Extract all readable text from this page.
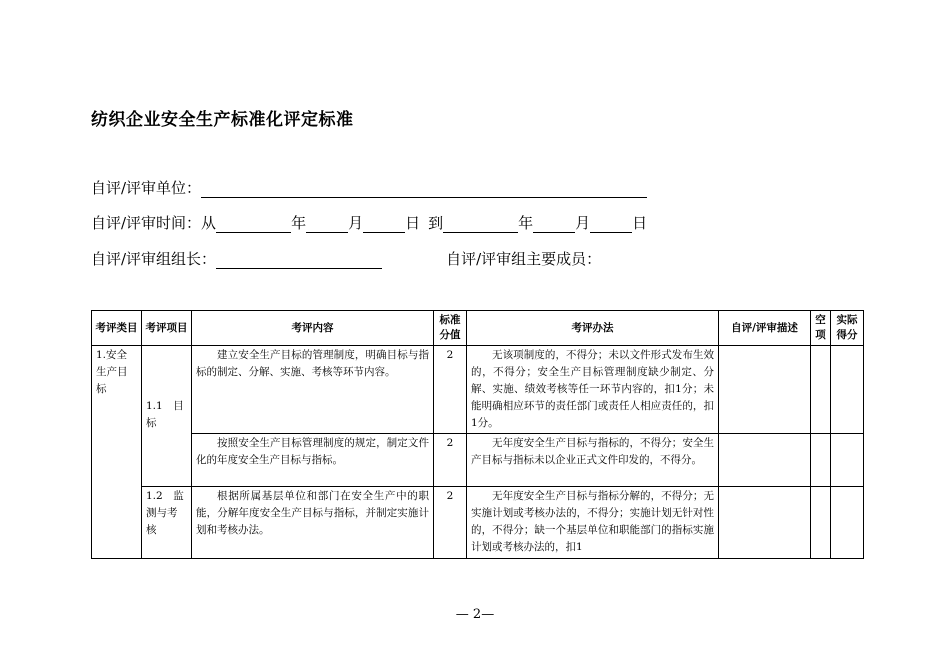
纺织企业安全生产标准化评定标准
自评/评审单位：
自评/评审时间：从	年	月	日 到	年	月	日
自评/评审组组长：	自评/评审组主要成员：
考评类目	考评项目	考评内容	标准分值	考评办法	自评/评审描述	空项	实际得分
1.安全生产目标	1.1　目标	建立安全生产目标的管理制度，明确目标与指标的制定、分解、实施、考核等环节内容。	2	无该项制度的，不得分；未以文件形式发布生效的，不得分；安全生产目标管理制度缺少制定、分解、实施、绩效考核等任一环节内容的，扣1分；未能明确相应环节的责任部门或责任人相应责任的，扣1分。			
		按照安全生产目标管理制度的规定，制定文件化的年度安全生产目标与指标。	2	无年度安全生产目标与指标的，不得分；安全生产目标与指标未以企业正式文件印发的，不得分。			
	1.2　监测与考核	根据所属基层单位和部门在安全生产中的职能，分解年度安全生产目标与指标，并制定实施计划和考核办法。	2	无年度安全生产目标与指标分解的，不得分；无实施计划或考核办法的，不得分；实施计划无针对性的，不得分；缺一个基层单位和职能部门的指标实施计划或考核办法的，扣1			
— 2—
